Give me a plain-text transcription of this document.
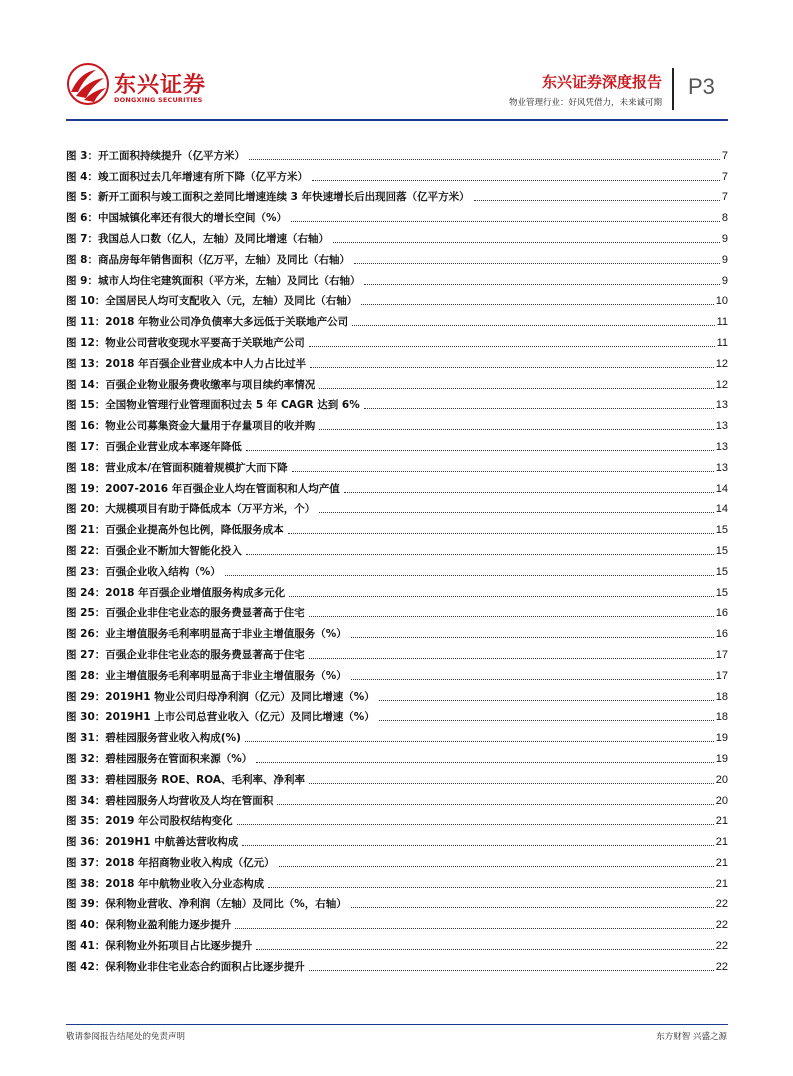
东兴证券
DONGXING SECURITIES
东兴证券深度报告
物业管理行业：好风凭借力，未来诚可期
P3
图 3：开工面积持续提升（亿平方米）	7
图 4：竣工面积过去几年增速有所下降（亿平方米）	7
图 5：新开工面积与竣工面积之差同比增速连续 3 年快速增长后出现回落（亿平方米）	7
图 6：中国城镇化率还有很大的增长空间（%）	8
图 7：我国总人口数（亿人，左轴）及同比增速（右轴）	9
图 8：商品房每年销售面积（亿万平，左轴）及同比（右轴）	9
图 9：城市人均住宅建筑面积（平方米，左轴）及同比（右轴）	9
图 10：全国居民人均可支配收入（元，左轴）及同比（右轴）	10
图 11：2018 年物业公司净负债率大多远低于关联地产公司	11
图 12：物业公司营收变现水平要高于关联地产公司	11
图 13：2018 年百强企业营业成本中人力占比过半	12
图 14：百强企业物业服务费收缴率与项目续约率情况	12
图 15：全国物业管理行业管理面积过去 5 年 CAGR 达到 6%	13
图 16：物业公司募集资金大量用于存量项目的收并购	13
图 17：百强企业营业成本率逐年降低	13
图 18：营业成本/在管面积随着规模扩大而下降	13
图 19：2007-2016 年百强企业人均在管面积和人均产值	14
图 20：大规模项目有助于降低成本（万平方米，个）	14
图 21：百强企业提高外包比例，降低服务成本	15
图 22：百强企业不断加大智能化投入	15
图 23：百强企业收入结构（%）	15
图 24：2018 年百强企业增值服务构成多元化	15
图 25：百强企业非住宅业态的服务费显著高于住宅	16
图 26：业主增值服务毛利率明显高于非业主增值服务（%）	16
图 27：百强企业非住宅业态的服务费显著高于住宅	17
图 28：业主增值服务毛利率明显高于非业主增值服务（%）	17
图 29：2019H1 物业公司归母净利润（亿元）及同比增速（%）	18
图 30：2019H1 上市公司总营业收入（亿元）及同比增速（%）	18
图 31：碧桂园服务营业收入构成(%)	19
图 32：碧桂园服务在管面积来源（%）	19
图 33：碧桂园服务 ROE、ROA、毛利率、净利率	20
图 34：碧桂园服务人均营收及人均在管面积	20
图 35：2019 年公司股权结构变化	21
图 36：2019H1 中航善达营收构成	21
图 37：2018 年招商物业收入构成（亿元）	21
图 38：2018 年中航物业收入分业态构成	21
图 39：保利物业营收、净利润（左轴）及同比（%，右轴）	22
图 40：保利物业盈利能力逐步提升	22
图 41：保利物业外拓项目占比逐步提升	22
图 42：保利物业非住宅业态合约面积占比逐步提升	22
敬请参阅报告结尾处的免责声明	东方财智 兴盛之源
